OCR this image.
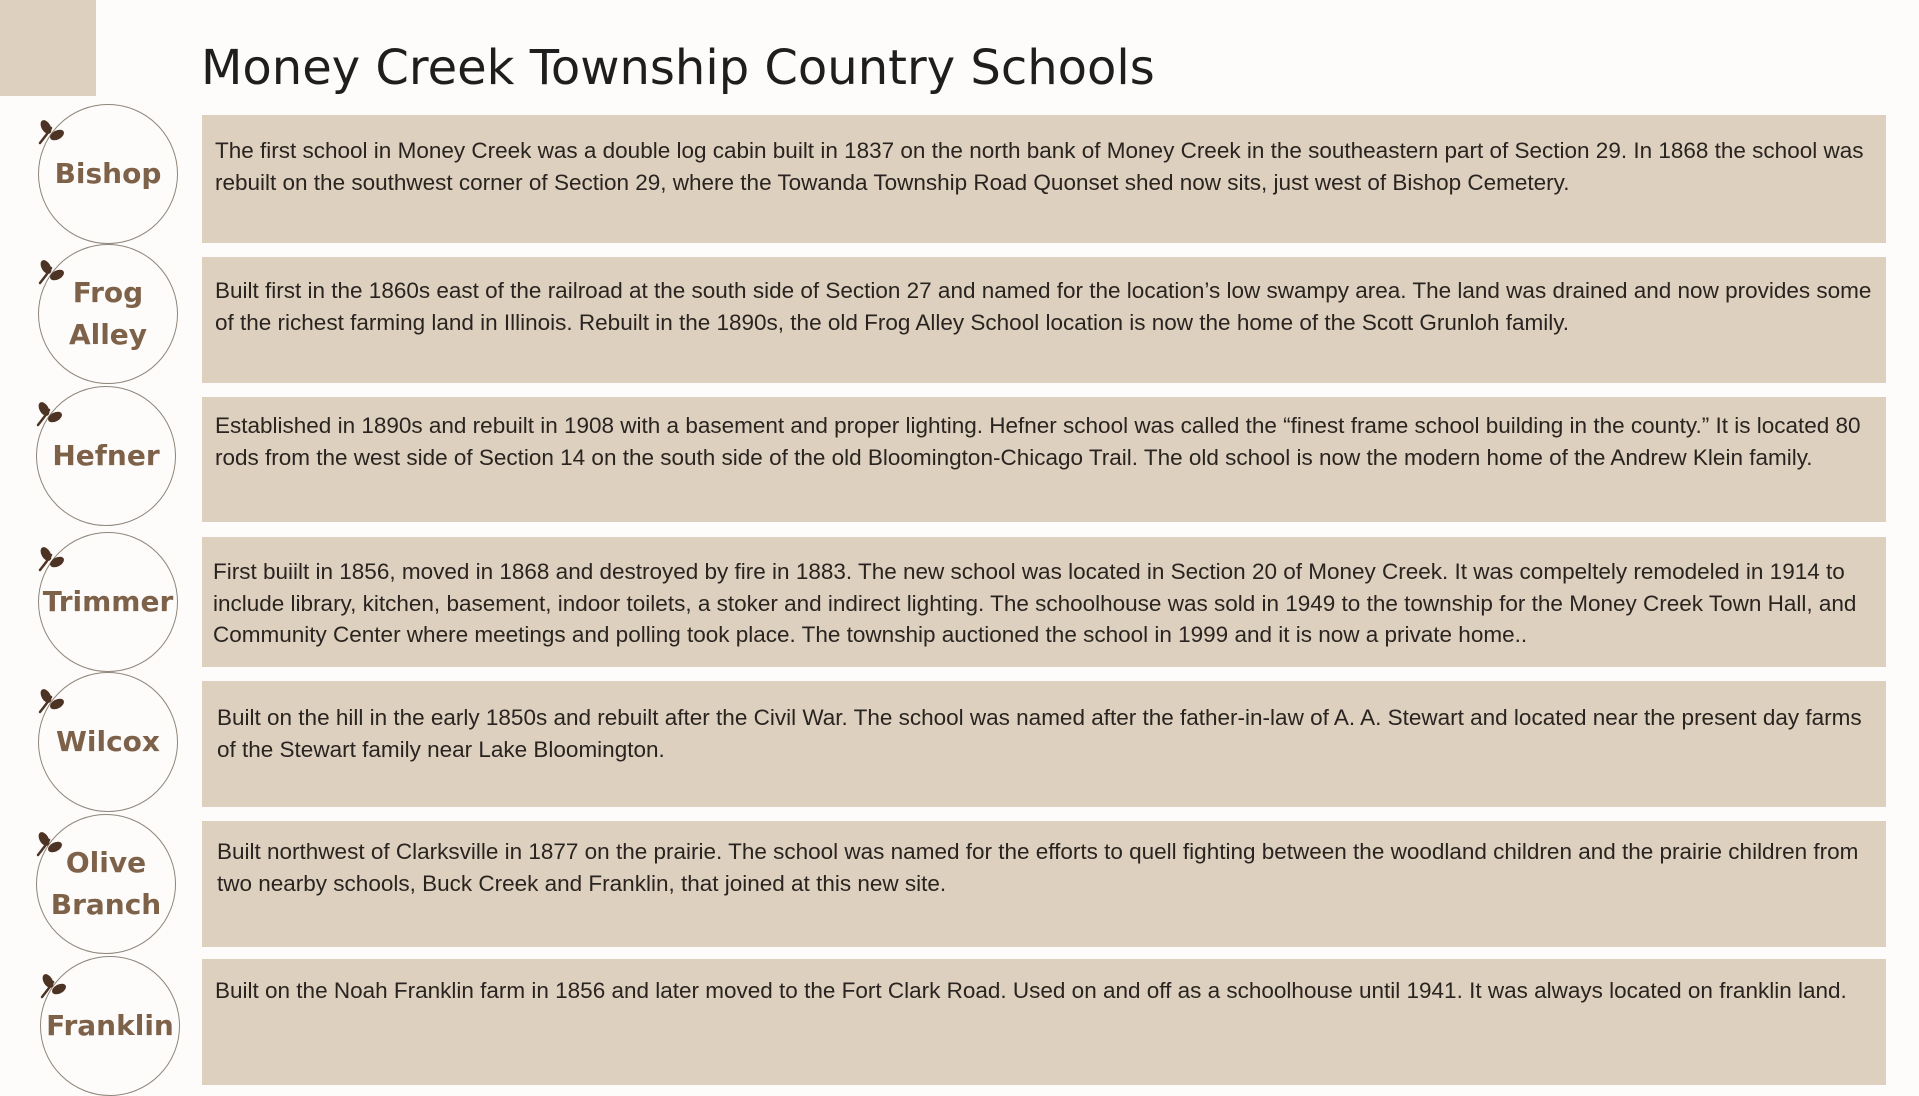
Money Creek Township Country Schools
Bishop

The first school in Money Creek was a double log cabin built in 1837 on the north bank of Money Creek in the southeastern part of Section 29. In 1868 the school was rebuilt on the southwest corner of Section 29, where the Towanda Township Road Quonset shed now sits, just west of Bishop Cemetery.

Frog
Alley

Built first in the 1860s east of the railroad at the south side of Section 27 and named for the location’s low swampy area. The land was drained and now provides some of the richest farming land in Illinois. Rebuilt in the 1890s, the old Frog Alley School location is now the home of the Scott Grunloh family.

Hefner

Established in 1890s and rebuilt in 1908 with a basement and proper lighting. Hefner school was called the “finest frame school building in the county.” It is located 80 rods from the west side of Section 14 on the south side of the old Bloomington-Chicago Trail. The old school is now the modern home of the Andrew Klein family.

Trimmer

First buiilt in 1856, moved in 1868 and destroyed by fire in 1883. The new school was located in Section 20 of Money Creek. It was compeltely remodeled in 1914 to include library, kitchen, basement, indoor toilets, a stoker and indirect lighting. The schoolhouse was sold in 1949 to the township for the Money Creek Town Hall, and Community Center where meetings and polling took place. The township auctioned the school in 1999 and it is now a private home..

Wilcox

Built on the hill in the early 1850s and rebuilt after the Civil War. The school was named after the father-in-law of A. A. Stewart and located near the present day farms of the Stewart family near Lake Bloomington.

Olive
Branch

Built northwest of Clarksville in 1877 on the prairie. The school was named for the efforts to quell fighting between the woodland children and the prairie children from two nearby schools, Buck Creek and Franklin, that joined at this new site.

Franklin

Built on the Noah Franklin farm in 1856 and later moved to the Fort Clark Road. Used on and off as a schoolhouse until 1941. It was always located on franklin land.
